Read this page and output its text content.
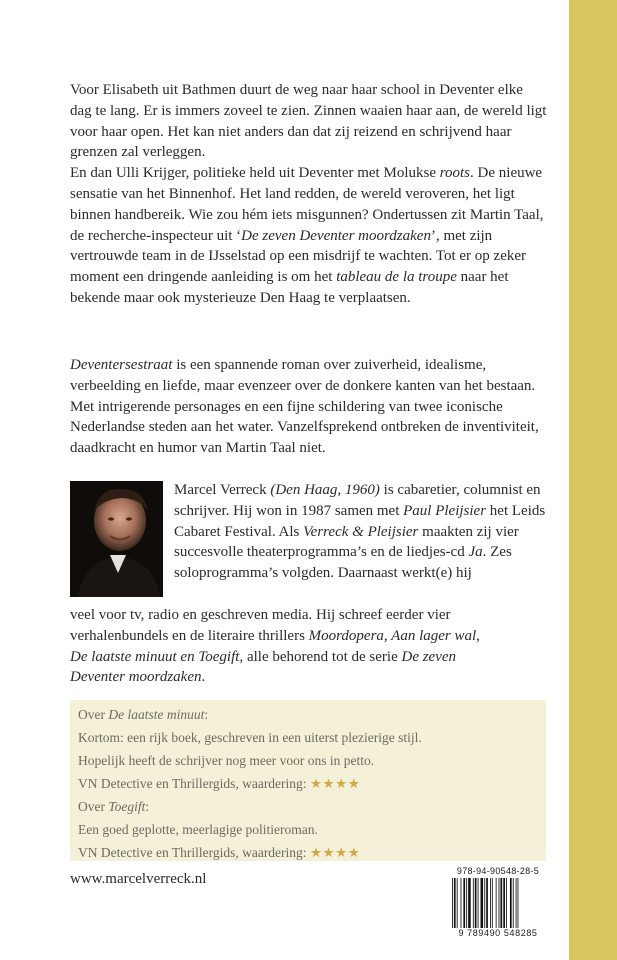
Voor Elisabeth uit Bathmen duurt de weg naar haar school in Deventer elke dag te lang. Er is immers zoveel te zien. Zinnen waaien haar aan, de wereld ligt voor haar open. Het kan niet anders dan dat zij reizend en schrijvend haar grenzen zal verleggen.
En dan Ulli Krijger, politieke held uit Deventer met Molukse roots. De nieuwe sensatie van het Binnenhof. Het land redden, de wereld veroveren, het ligt binnen handbereik. Wie zou hém iets misgunnen? Ondertussen zit Martin Taal, de recherche-inspecteur uit ‘De zeven Deventer moordzaken’, met zijn vertrouwde team in de IJsselstad op een misdrijf te wachten. Tot er op zeker moment een dringende aanleiding is om het tableau de la troupe naar het bekende maar ook mysterieuze Den Haag te verplaatsen.

Deventersestraat is een spannende roman over zuiverheid, idealisme, verbeelding en liefde, maar evenzeer over de donkere kanten van het bestaan. Met intrigerende personages en een fijne schildering van twee iconische Nederlandse steden aan het water. Vanzelfsprekend ontbreken de inventiviteit, daadkracht en humor van Martin Taal niet.

Marcel Verreck (Den Haag, 1960) is cabaretier, columnist en schrijver. Hij won in 1987 samen met Paul Pleijsier het Leids Cabaret Festival. Als Verreck & Pleijsier maakten zij vier succesvolle theaterprogramma’s en de liedjes-cd Ja. Zes soloprogramma’s volgden. Daarnaast werkt(e) hij

veel voor tv, radio en geschreven media. Hij schreef eerder vier
verhalenbundels en de literaire thrillers Moordopera, Aan lager wal,
De laatste minuut en Toegift, alle behorend tot de serie De zeven
Deventer moordzaken.

Over De laatste minuut:
Kortom: een rijk boek, geschreven in een uiterst plezierige stijl.
Hopelijk heeft de schrijver nog meer voor ons in petto.
VN Detective en Thrillergids, waardering: ★★★★
Over Toegift:
Een goed geplotte, meerlagige politieroman.
VN Detective en Thrillergids, waardering: ★★★★
www.marcelverreck.nl	978-94-90548-28-5
9 789490 548285
